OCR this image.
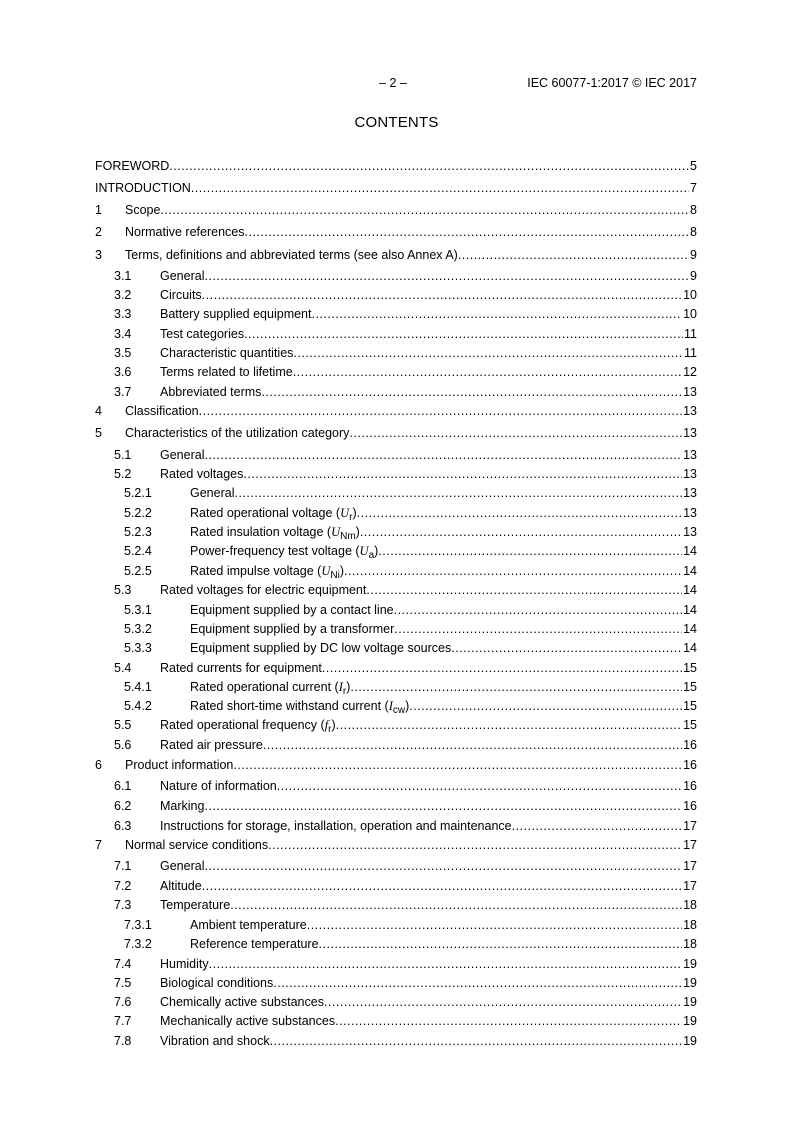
– 2 –	IEC 60077-1:2017 © IEC 2017
CONTENTS
FOREWORD .....	5
INTRODUCTION .....	7
1 Scope .....	8
2 Normative references .....	8
3 Terms, definitions and abbreviated terms (see also Annex A) .....	9
3.1 General .....	9
3.2 Circuits .....	10
3.3 Battery supplied equipment .....	10
3.4 Test categories .....	11
3.5 Characteristic quantities .....	11
3.6 Terms related to lifetime .....	12
3.7 Abbreviated terms .....	13
4 Classification .....	13
5 Characteristics of the utilization category .....	13
5.1 General .....	13
5.2 Rated voltages .....	13
5.2.1	General .....	13
5.2.2	Rated operational voltage $(U_r)$ .....	13
5.2.3	Rated insulation voltage $(U_{Nm})$ .....	13
5.2.4	Power-frequency test voltage $(U_a)$ .....	14
5.2.5	Rated impulse voltage $(U_{Ni})$ .....	14
5.3 Rated voltages for electric equipment .....	14
5.3.1	Equipment supplied by a contact line .....	14
5.3.2	Equipment supplied by a transformer .....	14
5.3.3	Equipment supplied by DC low voltage sources .....	14
5.4 Rated currents for equipment .....	15
5.4.1	Rated operational current $(I_r)$ .....	15
5.4.2	Rated short-time withstand current $(I_{cw})$ .....	15
5.5 Rated operational frequency $(f_r)$ .....	15
5.6 Rated air pressure .....	16
6 Product information .....	16
6.1 Nature of information .....	16
6.2 Marking .....	16
6.3 Instructions for storage, installation, operation and maintenance .....	17
7 Normal service conditions .....	17
7.1 General .....	17
7.2 Altitude .....	17
7.3 Temperature .....	18
7.3.1	Ambient temperature .....	18
7.3.2	Reference temperature .....	18
7.4 Humidity .....	19
7.5 Biological conditions .....	19
7.6 Chemically active substances .....	19
7.7 Mechanically active substances .....	19
7.8 Vibration and shock .....	19
